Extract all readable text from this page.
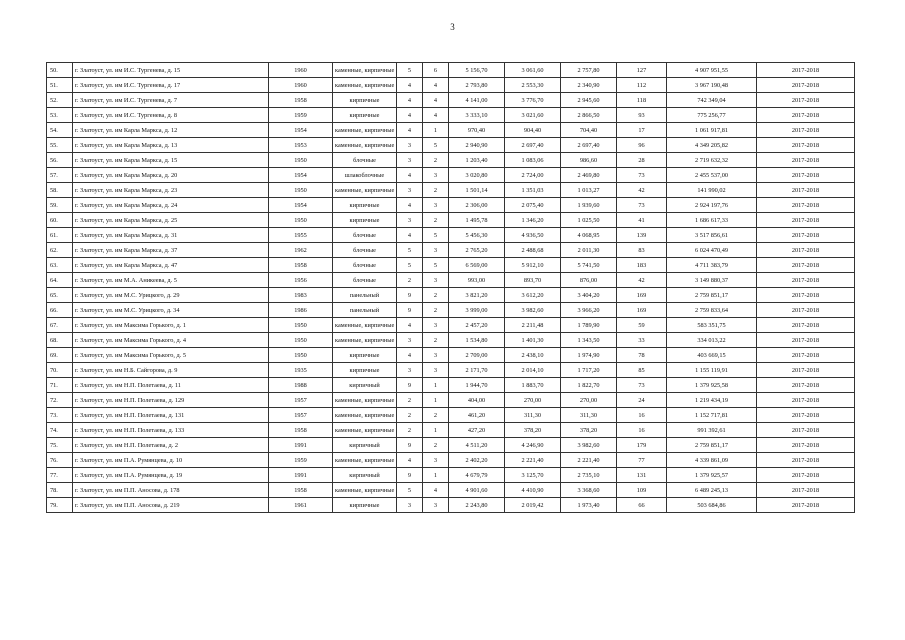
3
50.	г. Златоуст, ул. им И.С. Тургенева, д. 15	1960	каменные, кирпичные	5	6	5 156,70	3 061,60	2 757,80	127	4 907 951,55	2017-2018
51.	г. Златоуст, ул. им И.С. Тургенева, д. 17	1960	каменные, кирпичные	4	4	2 793,80	2 553,30	2 340,90	112	3 967 190,48	2017-2018
52.	г. Златоуст, ул. им И.С. Тургенева, д. 7	1958	кирпичные	4	4	4 141,00	3 776,70	2 945,60	118	742 349,04	2017-2018
53.	г. Златоуст, ул. им И.С. Тургенева, д. 8	1959	кирпичные	4	4	3 333,10	3 021,60	2 866,50	93	775 256,77	2017-2018
54.	г. Златоуст, ул. им Карла Маркса, д. 12	1954	каменные, кирпичные	4	1	970,40	904,40	704,40	17	1 061 917,81	2017-2018
55.	г. Златоуст, ул. им Карла Маркса, д. 13	1953	каменные, кирпичные	3	5	2 940,90	2 697,40	2 697,40	96	4 349 205,82	2017-2018
56.	г. Златоуст, ул. им Карла Маркса, д. 15	1950	блочные	3	2	1 203,40	1 083,06	986,60	28	2 719 632,32	2017-2018
57.	г. Златоуст, ул. им Карла Маркса, д. 20	1954	шлакоблочные	4	3	3 020,80	2 724,00	2 469,80	73	2 455 537,00	2017-2018
58.	г. Златоуст, ул. им Карла Маркса, д. 23	1950	каменные, кирпичные	3	2	1 501,14	1 351,03	1 013,27	42	141 990,02	2017-2018
59.	г. Златоуст, ул. им Карла Маркса, д. 24	1954	кирпичные	4	3	2 306,00	2 075,40	1 939,60	73	2 924 197,76	2017-2018
60.	г. Златоуст, ул. им Карла Маркса, д. 25	1950	кирпичные	3	2	1 495,78	1 346,20	1 025,50	41	1 686 617,33	2017-2018
61.	г. Златоуст, ул. им Карла Маркса, д. 31	1955	блочные	4	5	5 456,30	4 936,50	4 068,95	139	3 517 856,61	2017-2018
62.	г. Златоуст, ул. им Карла Маркса, д. 37	1962	блочные	5	3	2 765,20	2 488,68	2 011,30	83	6 024 470,49	2017-2018
63.	г. Златоуст, ул. им Карла Маркса, д. 47	1958	блочные	5	5	6 569,00	5 912,10	5 741,50	183	4 711 383,79	2017-2018
64.	г. Златоуст, ул. им М.А. Аникеева, д. 5	1956	блочные	2	3	993,00	893,70	876,00	42	3 149 880,37	2017-2018
65.	г. Златоуст, ул. им М.С. Урицкого, д. 29	1983	панельный	9	2	3 821,20	3 612,20	3 404,20	169	2 759 851,17	2017-2018
66.	г. Златоуст, ул. им М.С. Урицкого, д. 34	1986	панельный	9	2	3 999,00	3 982,60	3 966,20	169	2 759 833,64	2017-2018
67.	г. Златоуст, ул. им Максима Горького, д. 1	1950	каменные, кирпичные	4	3	2 457,20	2 211,48	1 789,90	59	583 351,75	2017-2018
68.	г. Златоуст, ул. им Максима Горького, д. 4	1950	каменные, кирпичные	3	2	1 534,80	1 401,30	1 343,50	33	334 013,22	2017-2018
69.	г. Златоуст, ул. им Максима Горького, д. 5	1950	кирпичные	4	3	2 709,00	2 438,10	1 974,90	78	403 669,15	2017-2018
70.	г. Златоуст, ул. им Н.Б. Сайгорова, д. 9	1935	кирпичные	3	3	2 171,70	2 014,10	1 717,20	85	1 155 119,91	2017-2018
71.	г. Златоуст, ул. им Н.П. Полетаева, д. 11	1988	кирпичный	9	1	1 944,70	1 883,70	1 822,70	73	1 379 925,58	2017-2018
72.	г. Златоуст, ул. им Н.П. Полетаева, д. 129	1957	каменные, кирпичные	2	1	404,00	270,00	270,00	24	1 219 434,19	2017-2018
73.	г. Златоуст, ул. им Н.П. Полетаева, д. 131	1957	каменные, кирпичные	2	2	461,20	311,30	311,30	16	1 152 717,81	2017-2018
74.	г. Златоуст, ул. им Н.П. Полетаева, д. 133	1958	каменные, кирпичные	2	1	427,20	378,20	378,20	16	991 392,61	2017-2018
75.	г. Златоуст, ул. им Н.П. Полетаева, д. 2	1991	кирпичный	9	2	4 511,20	4 246,90	3 982,60	179	2 759 851,17	2017-2018
76.	г. Златоуст, ул. им П.А. Румянцева, д. 10	1959	каменные, кирпичные	4	3	2 402,20	2 221,40	2 221,40	77	4 339 861,09	2017-2018
77.	г. Златоуст, ул. им П.А. Румянцева, д. 19	1991	кирпичный	9	1	4 679,79	3 125,70	2 735,10	131	1 379 925,57	2017-2018
78.	г. Златоуст, ул. им П.П. Аносова, д. 178	1958	каменные, кирпичные	5	4	4 901,60	4 410,90	3 368,60	109	6 489 245,13	2017-2018
79.	г. Златоуст, ул. им П.П. Аносова, д. 219	1961	кирпичные	3	3	2 243,80	2 019,42	1 973,40	66	503 684,86	2017-2018
